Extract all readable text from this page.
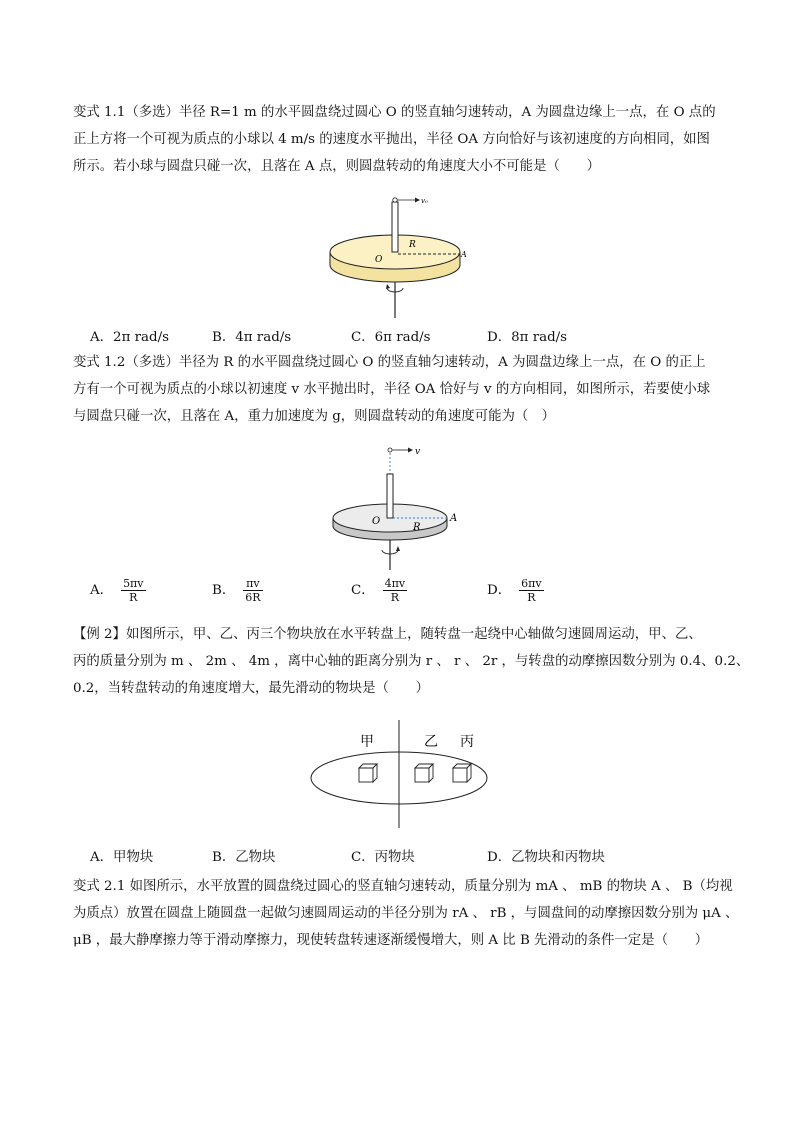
变式 1.1（多选）半径 R=1 m 的水平圆盘绕过圆心 O 的竖直轴匀速转动，A 为圆盘边缘上一点，在 O 点的
正上方将一个可视为质点的小球以 4 m/s 的速度水平抛出，半径 OA 方向恰好与该初速度的方向相同，如图
所示。若小球与圆盘只碰一次，且落在 A 点，则圆盘转动的角速度大小不可能是（　　）
v₀
R
O
A
A．2π rad/s	B．4π rad/s	C．6π rad/s	D．8π rad/s
变式 1.2（多选）半径为 R 的水平圆盘绕过圆心 O 的竖直轴匀速转动，A 为圆盘边缘上一点，在 O 的正上
方有一个可视为质点的小球以初速度 v 水平抛出时，半径 OA 恰好与 v 的方向相同，如图所示，若要使小球
与圆盘只碰一次，且落在 A，重力加速度为 g，则圆盘转动的角速度可能为（　）
v
O
R
A
A． $\frac{5\pi v}{R}$	B． $\frac{\pi v}{6R}$	C． $\frac{4\pi v}{R}$	D． $\frac{6\pi v}{R}$
【例 2】如图所示，甲、乙、丙三个物块放在水平转盘上，随转盘一起绕中心轴做匀速圆周运动，甲、乙、
丙的质量分别为 m 、 2m 、 4m ，离中心轴的距离分别为 r 、 r 、 2r ，与转盘的动摩擦因数分别为 0.4、0.2、
0.2，当转盘转动的角速度增大，最先滑动的物块是（　　）
甲	乙 丙
A．甲物块	B．乙物块	C．丙物块	D．乙物块和丙物块
变式 2.1 如图所示，水平放置的圆盘绕过圆心的竖直轴匀速转动，质量分别为 mA 、 mB 的物块 A 、 B（均视
为质点）放置在圆盘上随圆盘一起做匀速圆周运动的半径分别为 rA 、 rB ，与圆盘间的动摩擦因数分别为 μA 、
μB ，最大静摩擦力等于滑动摩擦力，现使转盘转速逐渐缓慢增大，则 A 比 B 先滑动的条件一定是（　　）
